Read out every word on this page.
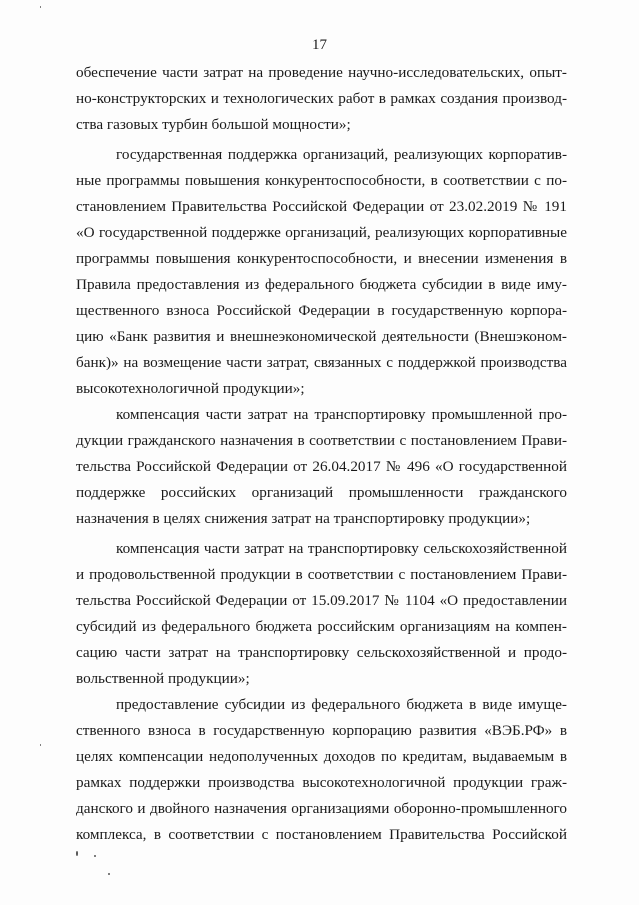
17
обеспечение части затрат на проведение научно-исследовательских, опыт-
но-конструкторских и технологических работ в рамках создания производ-
ства газовых турбин большой мощности»;
государственная поддержка организаций, реализующих корпоратив-
ные программы повышения конкурентоспособности, в соответствии с по-
становлением Правительства Российской Федерации от 23.02.2019 № 191
«О государственной поддержке организаций, реализующих корпоративные
программы повышения конкурентоспособности, и внесении изменения в
Правила предоставления из федерального бюджета субсидии в виде иму-
щественного взноса Российской Федерации в государственную корпора-
цию «Банк развития и внешнеэкономической деятельности (Внешэконом-
банк)» на возмещение части затрат, связанных с поддержкой производства
высокотехнологичной продукции»;
компенсация части затрат на транспортировку промышленной про-
дукции гражданского назначения в соответствии с постановлением Прави-
тельства Российской Федерации от 26.04.2017 № 496 «О государственной
поддержке российских организаций промышленности гражданского
назначения в целях снижения затрат на транспортировку продукции»;
компенсация части затрат на транспортировку сельскохозяйственной
и продовольственной продукции в соответствии с постановлением Прави-
тельства Российской Федерации от 15.09.2017 № 1104 «О предоставлении
субсидий из федерального бюджета российским организациям на компен-
сацию части затрат на транспортировку сельскохозяйственной и продо-
вольственной продукции»;
предоставление субсидии из федерального бюджета в виде имуще-
ственного взноса в государственную корпорацию развития «ВЭБ.РФ» в
целях компенсации недополученных доходов по кредитам, выдаваемым в
рамках поддержки производства высокотехнологичной продукции граж-
данского и двойного назначения организациями оборонно-промышленного
комплекса, в соответствии с постановлением Правительства Российской
